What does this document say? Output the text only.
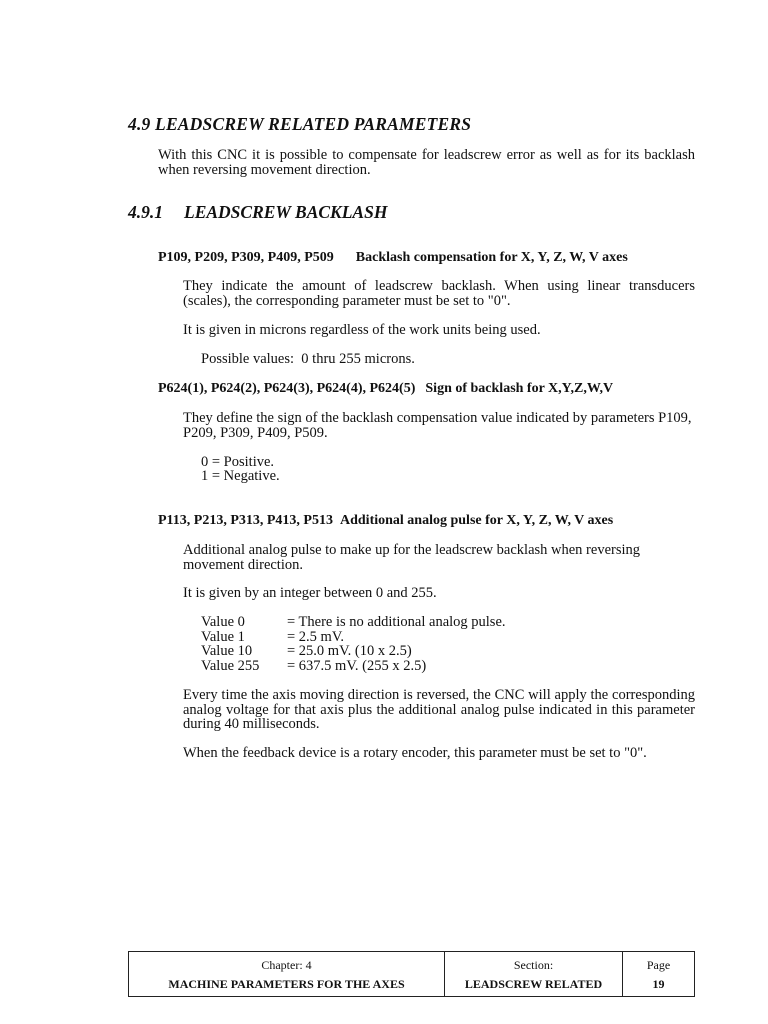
4.9 LEADSCREW RELATED PARAMETERS
With this CNC it is possible to compensate for leadscrew error as well as for its backlash when reversing movement direction.
4.9.1 LEADSCREW BACKLASH
P109, P209, P309, P409, P509 Backlash compensation for X, Y, Z, W, V axes
They indicate the amount of leadscrew backlash. When using linear transducers (scales), the corresponding parameter must be set to "0".
It is given in microns regardless of the work units being used.
Possible values:  0 thru 255 microns.
P624(1), P624(2), P624(3), P624(4), P624(5) Sign of backlash for X,Y,Z,W,V
They define the sign of the backlash compensation value indicated by parameters P109, P209, P309, P409, P509.
0 = Positive.
1 = Negative.
P113, P213, P313, P413, P513 Additional analog pulse for X, Y, Z, W, V axes
Additional analog pulse to make up for the leadscrew backlash when reversing movement direction.
It is given by an integer between 0 and 255.
Value 0	= There is no additional analog pulse.
Value 1	= 2.5 mV.
Value 10	= 25.0 mV. (10 x 2.5)
Value 255	= 637.5 mV. (255 x 2.5)
Every time the axis moving direction is reversed, the CNC will apply the corresponding analog voltage for that axis plus the additional analog pulse indicated in this parameter during 40 milliseconds.
When the feedback device is a rotary encoder, this parameter must be set to "0".
Chapter: 4
MACHINE PARAMETERS FOR THE AXES
Section:
LEADSCREW RELATED
Page
19
